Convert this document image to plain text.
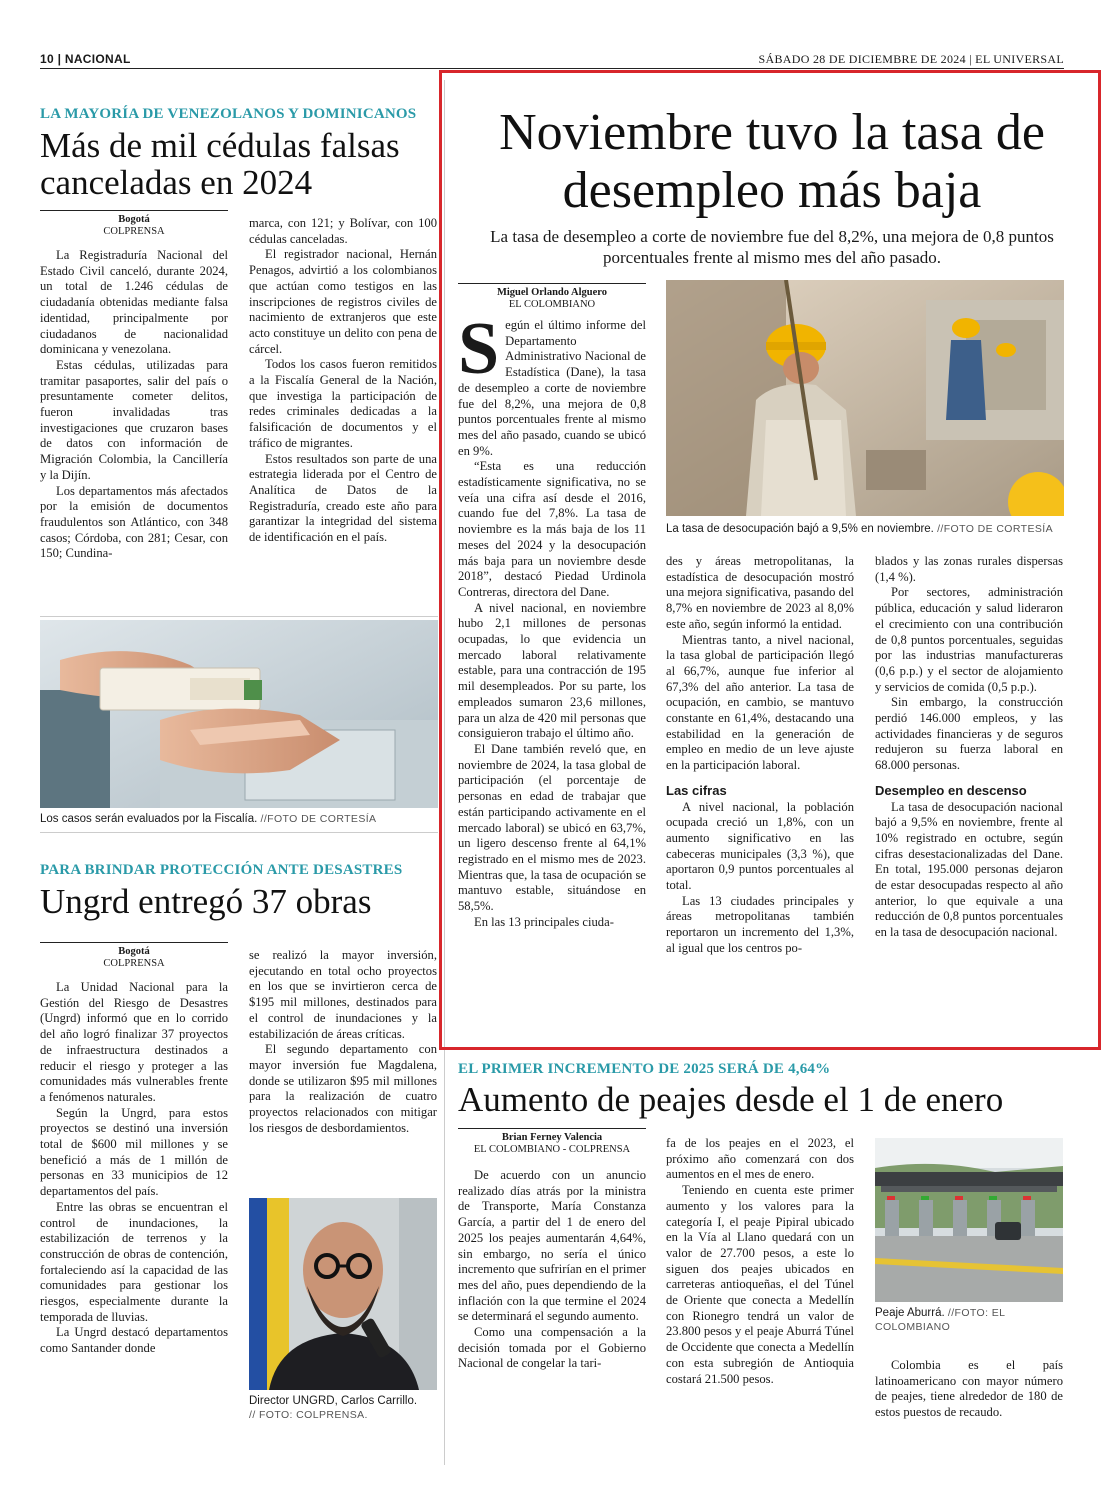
10 | NACIONAL	SÁBADO 28 DE DICIEMBRE DE 2024 | EL UNIVERSAL
LA MAYORÍA DE VENEZOLANOS Y DOMINICANOS
Más de mil cédulas falsas canceladas en 2024
Bogotá
COLPRENSA

La Registraduría Nacional del Estado Civil canceló, durante 2024, un total de 1.246 cédulas de ciudadanía obtenidas mediante falsa identidad, principalmente por ciudadanos de nacionalidad dominicana y venezolana.

Estas cédulas, utilizadas para tramitar pasaportes, salir del país o presuntamente cometer delitos, fueron invalidadas tras investigaciones que cruzaron bases de datos con información de Migración Colombia, la Cancillería y la Dijín.

Los departamentos más afectados por la emisión de documentos fraudulentos son Atlántico, con 348 casos; Córdoba, con 281; Cesar, con 150; Cundina-

marca, con 121; y Bolívar, con 100 cédulas canceladas.

El registrador nacional, Hernán Penagos, advirtió a los colombianos que actúan como testigos en las inscripciones de registros civiles de nacimiento de extranjeros que este acto constituye un delito con pena de cárcel.

Todos los casos fueron remitidos a la Fiscalía General de la Nación, que investiga la participación de redes criminales dedicadas a la falsificación de documentos y el tráfico de migrantes.

Estos resultados son parte de una estrategia liderada por el Centro de Analítica de Datos de la Registraduría, creado este año para garantizar la integridad del sistema de identificación en el país.

Los casos serán evaluados por la Fiscalía. //FOTO DE CORTESÍA
PARA BRINDAR PROTECCIÓN ANTE DESASTRES
Ungrd entregó 37 obras
Bogotá
COLPRENSA

La Unidad Nacional para la Gestión del Riesgo de Desastres (Ungrd) informó que en lo corrido del año logró finalizar 37 proyectos de infraestructura destinados a reducir el riesgo y proteger a las comunidades más vulnerables frente a fenómenos naturales.

Según la Ungrd, para estos proyectos se destinó una inversión total de $600 mil millones y se benefició a más de 1 millón de personas en 33 municipios de 12 departamentos del país.

Entre las obras se encuentran el control de inundaciones, la estabilización de terrenos y la construcción de obras de contención, fortaleciendo así la capacidad de las comunidades para gestionar los riesgos, especialmente durante la temporada de lluvias.

La Ungrd destacó departamentos como Santander donde

se realizó la mayor inversión, ejecutando en total ocho proyectos en los que se invirtieron cerca de $195 mil millones, destinados para el control de inundaciones y la estabilización de áreas críticas.

El segundo departamento con mayor inversión fue Magdalena, donde se utilizaron $95 mil millones para la realización de cuatro proyectos relacionados con mitigar los riesgos de desbordamientos.

Director UNGRD, Carlos Carrillo.
// FOTO: COLPRENSA.
Noviembre tuvo la tasa de desempleo más baja
La tasa de desempleo a corte de noviembre fue del 8,2%, una mejora de 0,8 puntos porcentuales frente al mismo mes del año pasado.
Miguel Orlando Alguero
EL COLOMBIANO

Según el último informe del Departamento Administrativo Nacional de Estadística (Dane), la tasa de desempleo a corte de noviembre fue del 8,2%, una mejora de 0,8 puntos porcentuales frente al mismo mes del año pasado, cuando se ubicó en 9%.

“Esta es una reducción estadísticamente significativa, no se veía una cifra así desde el 2016, cuando fue del 7,8%. La tasa de noviembre es la más baja de los 11 meses del 2024 y la desocupación más baja para un noviembre desde 2018”, destacó Piedad Urdinola Contreras, directora del Dane.

A nivel nacional, en noviembre hubo 2,1 millones de personas ocupadas, lo que evidencia un mercado laboral relativamente estable, para una contracción de 195 mil desempleados. Por su parte, los empleados sumaron 23,6 millones, para un alza de 420 mil personas que consiguieron trabajo el último año.

El Dane también reveló que, en noviembre de 2024, la tasa global de participación (el porcentaje de personas en edad de trabajar que están participando activamente en el mercado laboral) se ubicó en 63,7%, un ligero descenso frente al 64,1% registrado en el mismo mes de 2023. Mientras que, la tasa de ocupación se mantuvo estable, situándose en 58,5%.

En las 13 principales ciuda-

La tasa de desocupación bajó a 9,5% en noviembre. //FOTO DE CORTESÍA

des y áreas metropolitanas, la estadística de desocupación mostró una mejora significativa, pasando del 8,7% en noviembre de 2023 al 8,0% este año, según informó la entidad.

Mientras tanto, a nivel nacional, la tasa global de participación llegó al 66,7%, aunque fue inferior al 67,3% del año anterior. La tasa de ocupación, en cambio, se mantuvo constante en 61,4%, destacando una estabilidad en la generación de empleo en medio de un leve ajuste en la participación laboral.

Las cifras

A nivel nacional, la población ocupada creció un 1,8%, con un aumento significativo en las cabeceras municipales (3,3 %), que aportaron 0,9 puntos porcentuales al total.

Las 13 ciudades principales y áreas metropolitanas también reportaron un incremento del 1,3%, al igual que los centros po-

blados y las zonas rurales dispersas (1,4 %).

Por sectores, administración pública, educación y salud lideraron el crecimiento con una contribución de 0,8 puntos porcentuales, seguidas por las industrias manufactureras (0,6 p.p.) y el sector de alojamiento y servicios de comida (0,5 p.p.).

Sin embargo, la construcción perdió 146.000 empleos, y las actividades financieras y de seguros redujeron su fuerza laboral en 68.000 personas.

Desempleo en descenso

La tasa de desocupación nacional bajó a 9,5% en noviembre, frente al 10% registrado en octubre, según cifras desestacionalizadas del Dane. En total, 195.000 personas dejaron de estar desocupadas respecto al año anterior, lo que equivale a una reducción de 0,8 puntos porcentuales en la tasa de desocupación nacional.

EL PRIMER INCREMENTO DE 2025 SERÁ DE 4,64%
Aumento de peajes desde el 1 de enero
Brian Ferney Valencia
EL COLOMBIANO - COLPRENSA

De acuerdo con un anuncio realizado días atrás por la ministra de Transporte, María Constanza García, a partir del 1 de enero del 2025 los peajes aumentarán 4,64%, sin embargo, no sería el único incremento que sufrirían en el primer mes del año, pues dependiendo de la inflación con la que termine el 2024 se determinará el segundo aumento.

Como una compensación a la decisión tomada por el Gobierno Nacional de congelar la tari-

fa de los peajes en el 2023, el próximo año comenzará con dos aumentos en el mes de enero.

Teniendo en cuenta este primer aumento y los valores para la categoría I, el peaje Pipiral ubicado en la Vía al Llano quedará con un valor de 27.700 pesos, a este lo siguen dos peajes ubicados en carreteras antioqueñas, el del Túnel de Oriente que conecta a Medellín con Rionegro tendrá un valor de 23.800 pesos y el peaje Aburrá Túnel de Occidente que conecta a Medellín con esta subregión de Antioquia costará 21.500 pesos.

Peaje Aburrá. //FOTO: EL COLOMBIANO

Colombia es el país latinoamericano con mayor número de peajes, tiene alrededor de 180 de estos puestos de recaudo.
